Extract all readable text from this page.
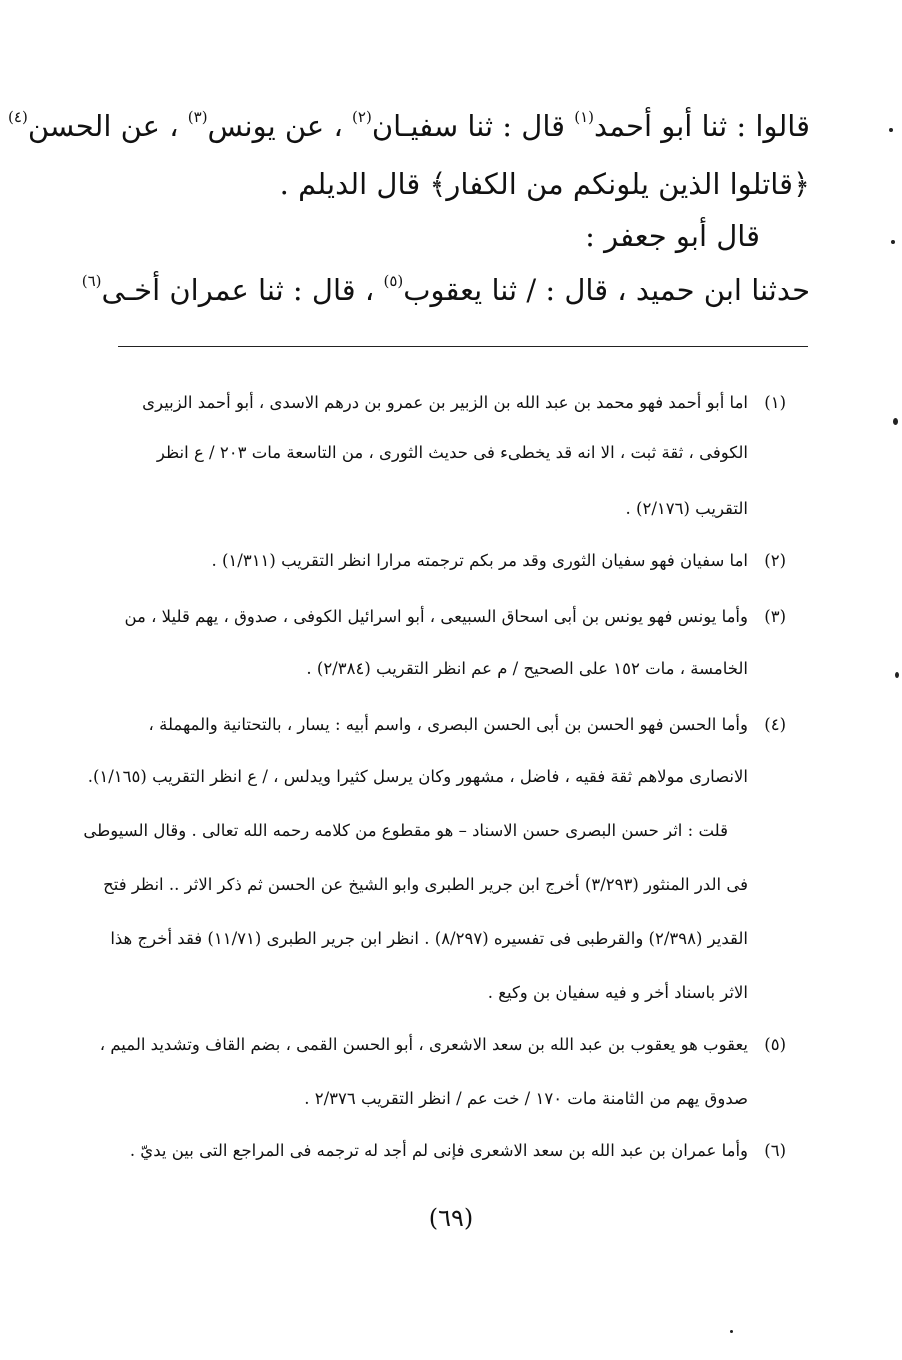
قالوا : ثنا أبو أحمد$^{(١)}$ قال : ثنا سفيـان$^{(٢)}$ ، عن يونس$^{(٣)}$ ، عن الحسن$^{(٤)}$
﴿قاتلوا الذين يلونكم من الكفار﴾ قال الديلم .
قال أبو جعفر :
حدثنا ابن حميد ، قال : / ثنا يعقوب$^{(٥)}$ ، قال : ثنا عمران أخـى$^{(٦)}$
(١)اما أبو أحمد فهو محمد بن عبد الله بن الزبير بن عمرو بن درهم الاسدى ، أبو أحمد الزبيرى
الكوفى ، ثقة ثبت ، الا انه قد يخطىء فى حديث الثورى ، من التاسعة مات ٢٠٣ / ع انظر
التقريب (٢/١٧٦) .
(٢)اما سفيان فهو سفيان الثورى وقد مر بكم ترجمته مرارا انظر التقريب (١/٣١١) .
(٣)وأما يونس فهو يونس بن أبى اسحاق السبيعى ، أبو اسرائيل الكوفى ، صدوق ، يهم قليلا ، من
الخامسة ، مات ١٥٢ على الصحيح / م عم انظر التقريب (٢/٣٨٤) .
(٤)وأما الحسن فهو الحسن بن أبى الحسن البصرى ، واسم أبيه : يسار ، بالتحتانية والمهملة ،
الانصارى مولاهم ثقة فقيه ، فاضل ، مشهور وكان يرسل كثيرا ويدلس ، / ع انظر التقريب (١/١٦٥).
قلت : اثر حسن البصرى حسن الاسناد – هو مقطوع من كلامه رحمه الله تعالى . وقال السيوطى
فى الدر المنثور (٣/٢٩٣) أخرج ابن جرير الطبرى وابو الشيخ عن الحسن ثم ذكر الاثر .. انظر فتح
القدير (٢/٣٩٨) والقرطبى فى تفسيره (٨/٢٩٧) . انظر ابن جرير الطبرى (١١/٧١) فقد أخرج هذا
الاثر باسناد أخر و فيه سفيان بن وكيع .
(٥)يعقوب هو يعقوب بن عبد الله بن سعد الاشعرى ، أبو الحسن القمى ، بضم القاف وتشديد الميم ،
صدوق يهم من الثامنة مات ١٧٠ / خت عم / انظر التقريب ٢/٣٧٦ .
(٦)وأما عمران بن عبد الله بن سعد الاشعرى فإنى لم أجد له ترجمه فى المراجع التى بين يديّ .
(٦٩)
